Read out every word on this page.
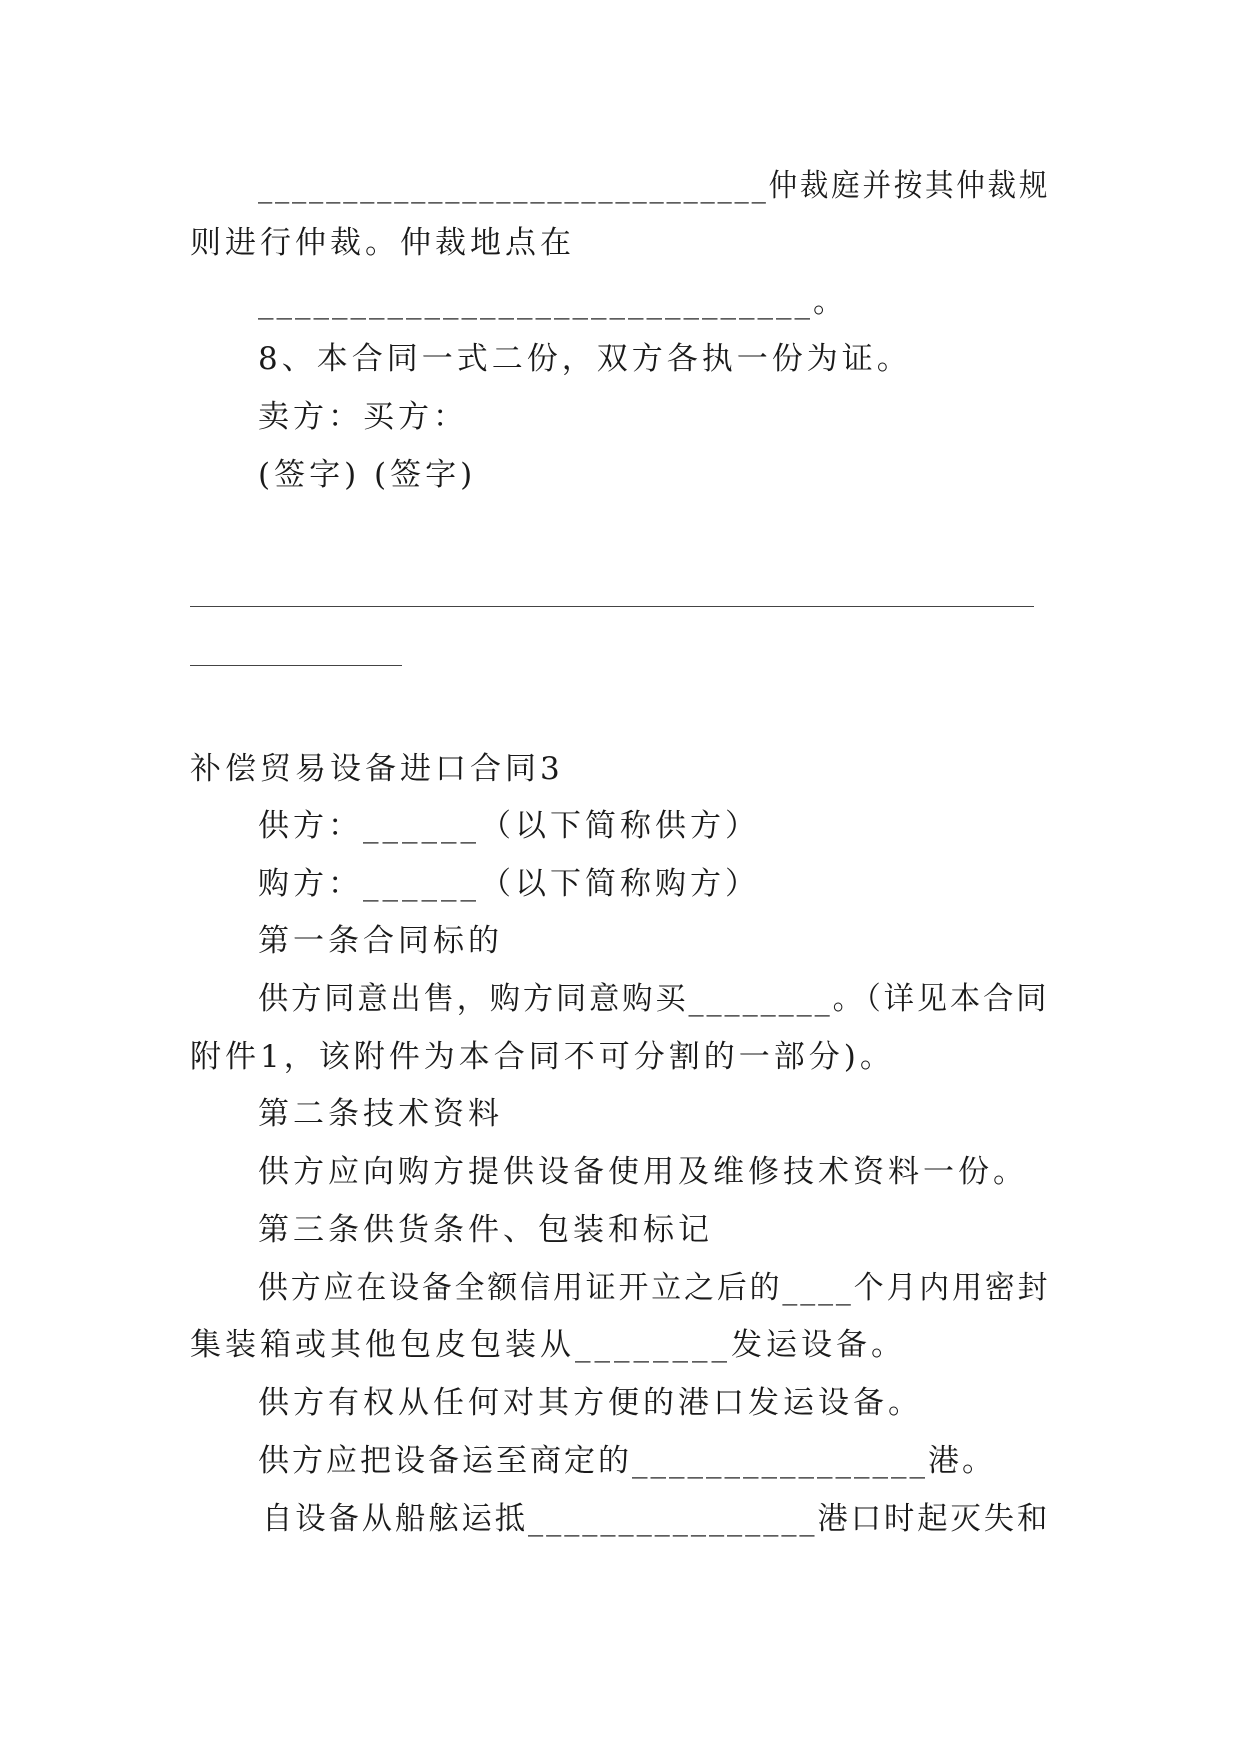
______________________________仲裁庭并按其仲裁规
则进行仲裁。仲裁地点在
______________________________。
8、本合同一式二份，双方各执一份为证。
卖方：买方：
(签字) (签字)
补偿贸易设备进口合同3
供方：______（以下简称供方）
购方：______（以下简称购方）
第一条合同标的
供方同意出售，购方同意购买________。（详见本合同
附件1，该附件为本合同不可分割的一部分)。
第二条技术资料
供方应向购方提供设备使用及维修技术资料一份。
第三条供货条件、包装和标记
供方应在设备全额信用证开立之后的____个月内用密封
集装箱或其他包皮包装从________发运设备。
供方有权从任何对其方便的港口发运设备。
供方应把设备运至商定的________________港。
自设备从船舷运抵________________港口时起灭失和
